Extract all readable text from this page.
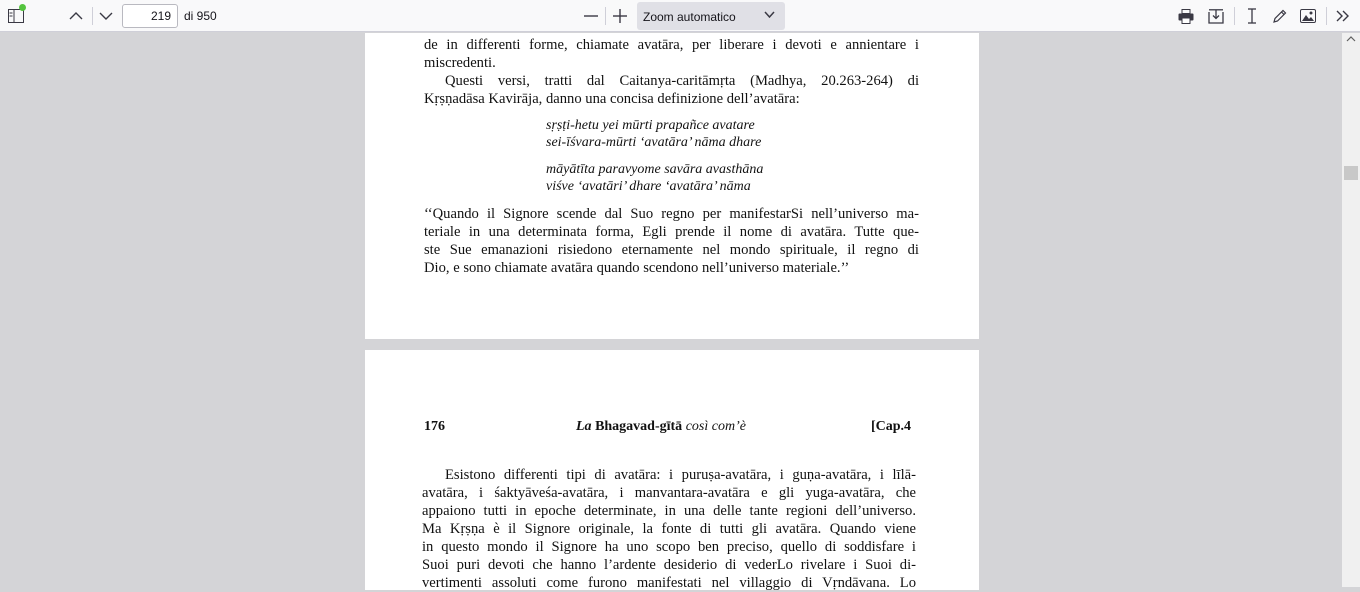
219
di 950	Zoom automatico

de in differenti forme, chiamate avatāra, per liberare i devoti e annientare i

miscredenti.

Questi versi, tratti dal Caitanya-caritāmṛta (Madhya, 20.263-264) di

Kṛṣṇadāsa Kavirāja, danno una concisa definizione dell’avatāra:

sṛṣṭi-hetu yei mūrti prapañce avatare

sei-īśvara-mūrti ‘avatāra’ nāma dhare

māyātīta paravyome savāra avasthāna

viśve ‘avatāri’ dhare ‘avatāra’ nāma

‘‘Quando il Signore scende dal Suo regno per manifestarSi nell’universo ma-

teriale in una determinata forma, Egli prende il nome di avatāra. Tutte que-

ste Sue emanazioni risiedono eternamente nel mondo spirituale, il regno di

Dio, e sono chiamate avatāra quando scendono nell’universo materiale.’’

176	La Bhagavad-gītā così com’è	[Cap.4

Esistono differenti tipi di avatāra: i puruṣa-avatāra, i guṇa-avatāra, i līlā-

avatāra, i śaktyāveśa-avatāra, i manvantara-avatāra e gli yuga-avatāra, che

appaiono tutti in epoche determinate, in una delle tante regioni dell’universo.

Ma Kṛṣṇa è il Signore originale, la fonte di tutti gli avatāra. Quando viene

in questo mondo il Signore ha uno scopo ben preciso, quello di soddisfare i

Suoi puri devoti che hanno l’ardente desiderio di vederLo rivelare i Suoi di-

vertimenti assoluti come furono manifestati nel villaggio di Vṛndāvana. Lo
